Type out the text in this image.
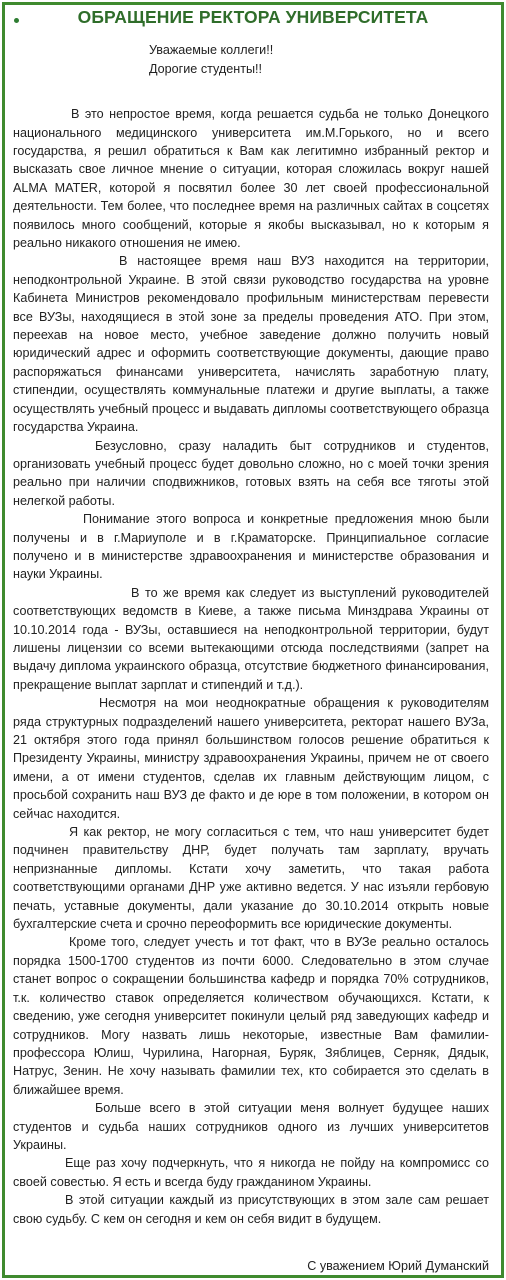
ОБРАЩЕНИЕ РЕКТОРА УНИВЕРСИТЕТА
Уважаемые коллеги!!
Дорогие студенты!!

В это непростое время, когда решается судьба не только Донецкого национального медицинского университета им.М.Горького, но и всего государства, я решил обратиться к Вам как легитимно избранный ректор и высказать свое личное мнение о ситуации, которая сложилась вокруг нашей ALMA MATER, которой я посвятил более 30 лет своей профессиональной деятельности. Тем более, что последнее время на различных сайтах в соцсетях появилось много сообщений, которые я якобы высказывал, но к которым я реально никакого отношения не имею.

В настоящее время наш ВУЗ находится на территории, неподконтрольной Украине. В этой связи руководство государства на уровне Кабинета Министров рекомендовало профильным министерствам перевести все ВУЗы, находящиеся в этой зоне за пределы проведения АТО. При этом, переехав на новое место, учебное заведение должно получить новый юридический адрес и оформить соответствующие документы, дающие право распоряжаться финансами университета, начислять заработную плату, стипендии, осуществлять коммунальные платежи и другие выплаты, а также осуществлять учебный процесс и выдавать дипломы соответствующего образца государства Украина.

Безусловно, сразу наладить быт сотрудников и студентов, организовать учебный процесс будет довольно сложно, но с моей точки зрения реально при наличии сподвижников, готовых взять на себя все тяготы этой нелегкой работы.

Понимание этого вопроса и конкретные предложения мною были получены и в г.Мариуполе и в г.Краматорске. Принципиальное согласие получено и в министерстве здравоохранения и министерстве образования и науки Украины.

В то же время как следует из выступлений руководителей соответствующих ведомств в Киеве, а также письма Минздрава Украины от 10.10.2014 года - ВУЗы, оставшиеся на неподконтрольной территории, будут лишены лицензии со всеми вытекающими отсюда последствиями (запрет на выдачу диплома украинского образца, отсутствие бюджетного финансирования, прекращение выплат зарплат и стипендий и т.д.).

Несмотря на мои неоднократные обращения к руководителям ряда структурных подразделений нашего университета, ректорат нашего ВУЗа, 21 октября этого года принял большинством голосов решение обратиться к Президенту Украины, министру здравоохранения Украины, причем не от своего имени, а от имени студентов, сделав их главным действующим лицом, с просьбой сохранить наш ВУЗ де факто и де юре в том положении, в котором он сейчас находится.

Я как ректор, не могу согласиться с тем, что наш университет будет подчинен правительству ДНР, будет получать там зарплату, вручать непризнанные дипломы. Кстати хочу заметить, что такая работа соответствующими органами ДНР уже активно ведется. У нас изъяли гербовую печать, уставные документы, дали указание до 30.10.2014 открыть новые бухгалтерские счета и срочно переоформить все юридические документы.

Кроме того, следует учесть и тот факт, что в ВУЗе реально осталось порядка 1500-1700 студентов из почти 6000. Следовательно в этом случае станет вопрос о сокращении большинства кафедр и порядка 70% сотрудников, т.к. количество ставок определяется количеством обучающихся. Кстати, к сведению, уже сегодня университет покинули целый ряд заведующих кафедр и сотрудников. Могу назвать лишь некоторые, известные Вам фамилии- профессора Юлиш, Чурилина, Нагорная, Буряк, Зяблицев, Серняк, Дядык, Натрус, Зенин. Не хочу называть фамилии тех, кто собирается это сделать в ближайшее время.

Больше всего в этой ситуации меня волнует будущее наших студентов и судьба наших сотрудников одного из лучших университетов Украины.

Еще раз хочу подчеркнуть, что я никогда не пойду на компромисс со своей совестью. Я есть и всегда буду гражданином Украины.

В этой ситуации каждый из присутствующих в этом зале сам решает свою судьбу. С кем он сегодня и кем он себя видит в будущем.

С уважением Юрий Думанский
